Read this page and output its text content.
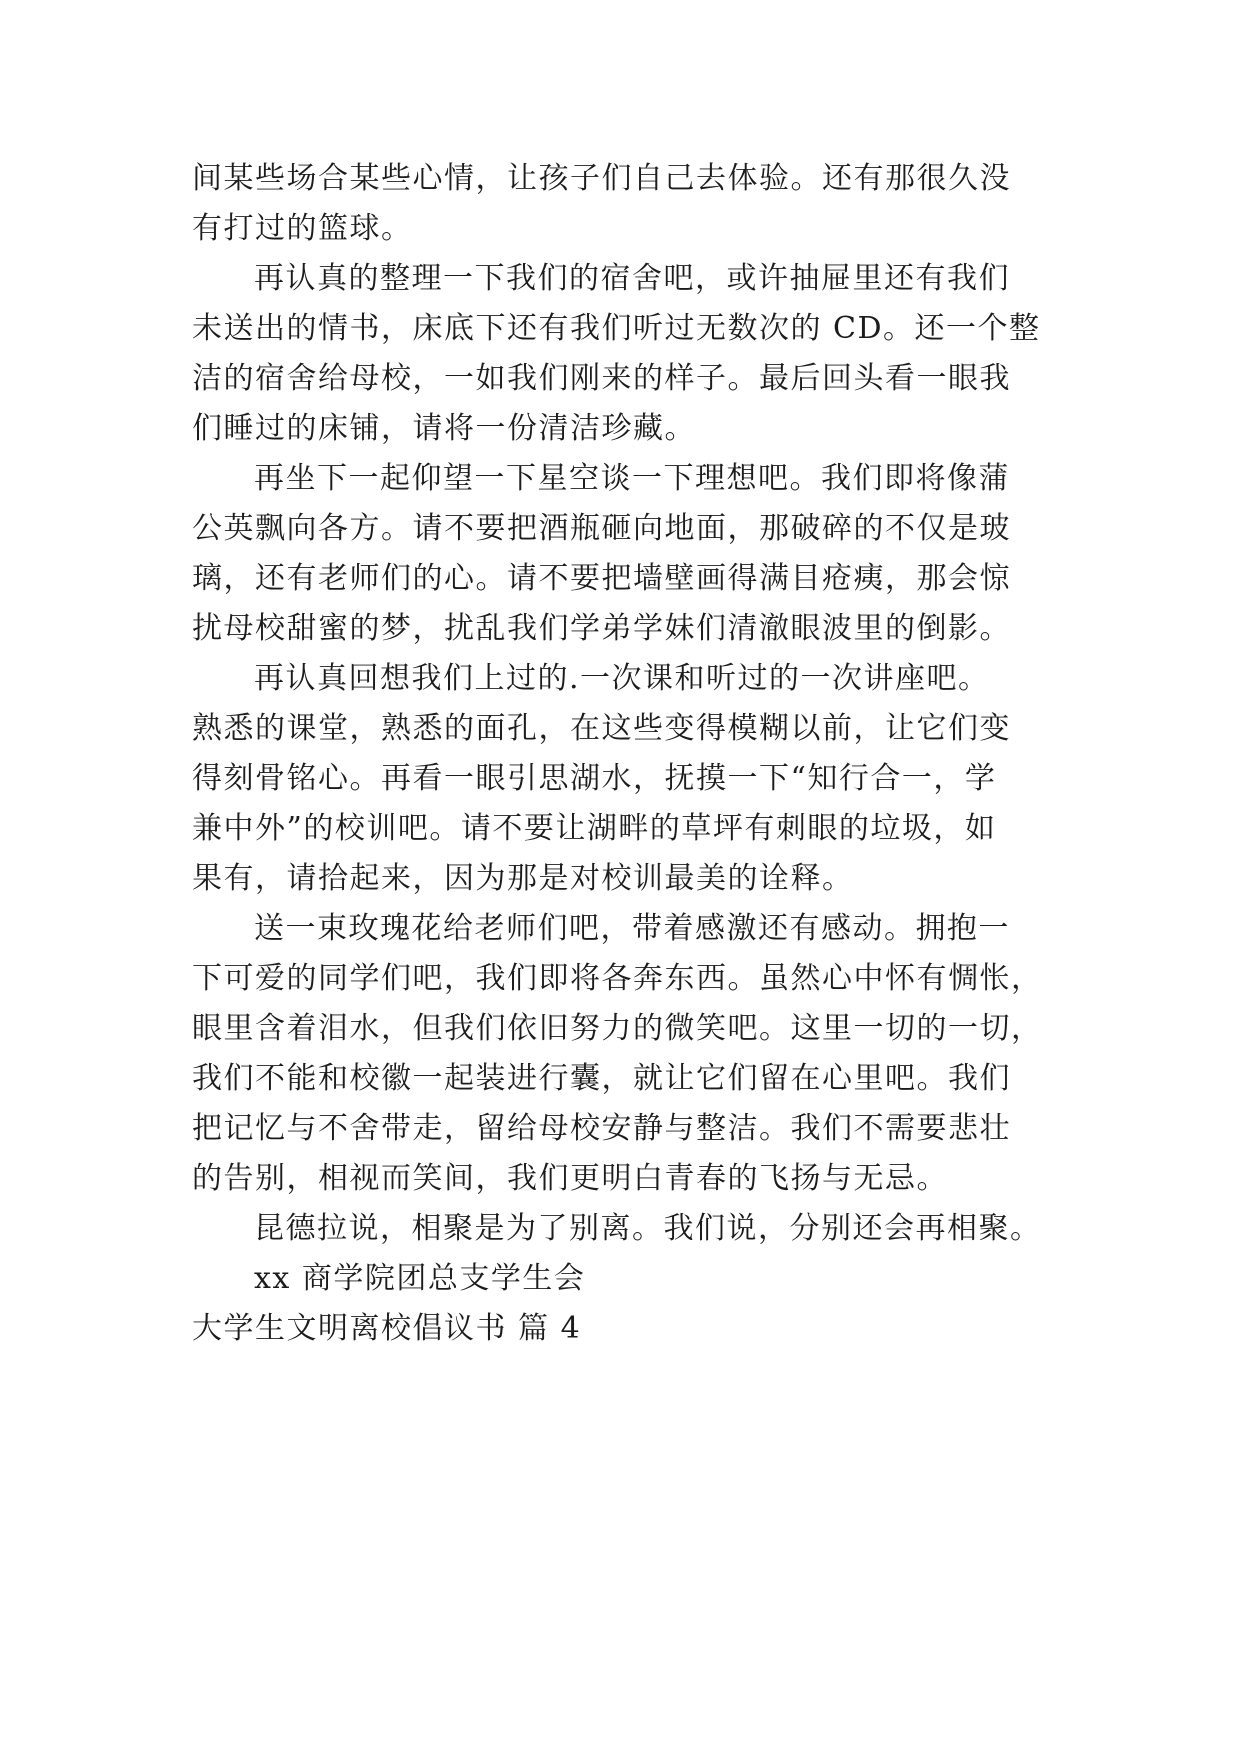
间某些场合某些心情，让孩子们自己去体验。还有那很久没
有打过的篮球。
再认真的整理一下我们的宿舍吧，或许抽屉里还有我们
未送出的情书，床底下还有我们听过无数次的 CD。还一个整
洁的宿舍给母校，一如我们刚来的样子。最后回头看一眼我
们睡过的床铺，请将一份清洁珍藏。
再坐下一起仰望一下星空谈一下理想吧。我们即将像蒲
公英飘向各方。请不要把酒瓶砸向地面，那破碎的不仅是玻
璃，还有老师们的心。请不要把墙壁画得满目疮痍，那会惊
扰母校甜蜜的梦，扰乱我们学弟学妹们清澈眼波里的倒影。
再认真回想我们上过的.一次课和听过的一次讲座吧。
熟悉的课堂，熟悉的面孔，在这些变得模糊以前，让它们变
得刻骨铭心。再看一眼引思湖水，抚摸一下“知行合一，学
兼中外”的校训吧。请不要让湖畔的草坪有刺眼的垃圾，如
果有，请拾起来，因为那是对校训最美的诠释。
送一束玫瑰花给老师们吧，带着感激还有感动。拥抱一
下可爱的同学们吧，我们即将各奔东西。虽然心中怀有惆怅，
眼里含着泪水，但我们依旧努力的微笑吧。这里一切的一切，
我们不能和校徽一起装进行囊，就让它们留在心里吧。我们
把记忆与不舍带走，留给母校安静与整洁。我们不需要悲壮
的告别，相视而笑间，我们更明白青春的飞扬与无忌。
昆德拉说，相聚是为了别离。我们说，分别还会再相聚。
xx 商学院团总支学生会
大学生文明离校倡议书 篇 4
